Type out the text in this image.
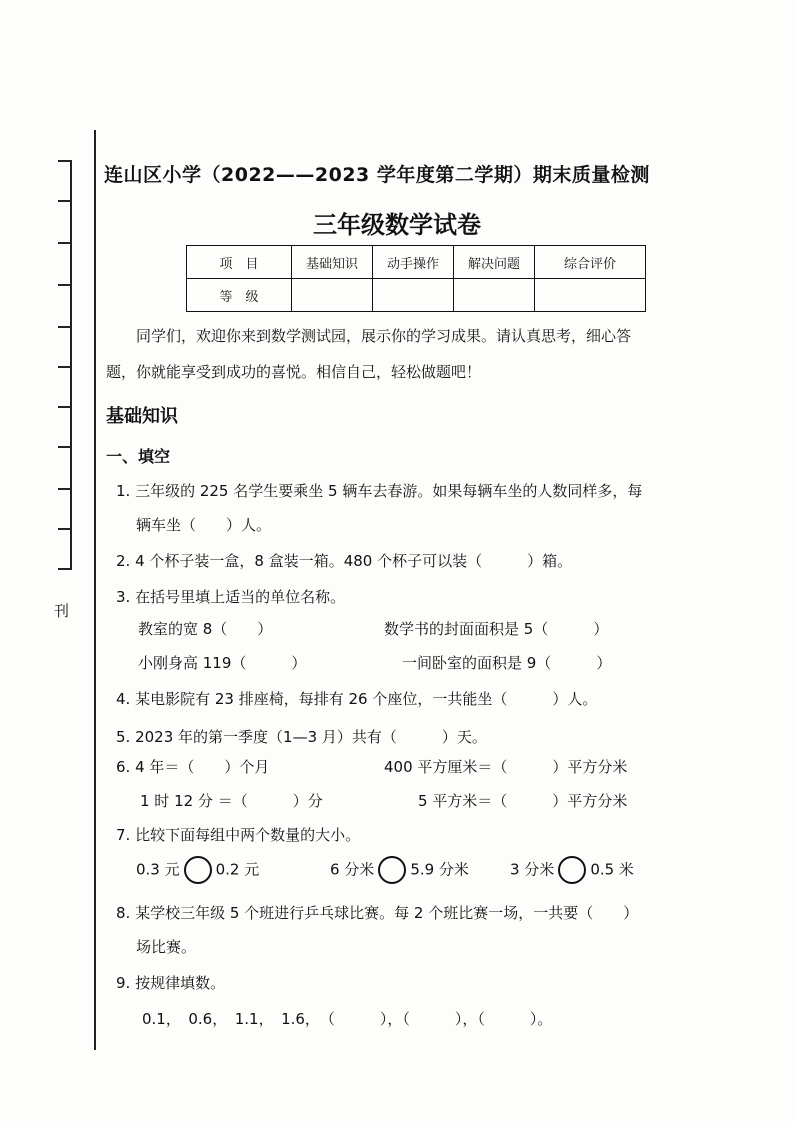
刊
连山区小学（2022——2023 学年度第二学期）期末质量检测
三年级数学试卷
项　目	基础知识	动手操作	解决问题	综合评价
等　级				

同学们，欢迎你来到数学测试园，展示你的学习成果。请认真思考，细心答

题，你就能享受到成功的喜悦。相信自己，轻松做题吧！

基础知识
一、填空
1. 三年级的 225 名学生要乘坐 5 辆车去春游。如果每辆车坐的人数同样多，每
辆车坐（　　）人。
2. 4 个杯子装一盒，8 盒装一箱。480 个杯子可以装（　　　）箱。
3. 在括号里填上适当的单位名称。
教室的宽 8（　　）	数学书的封面面积是 5（　　　）
小刚身高 119（　　　）	一间卧室的面积是 9（　　　）
4. 某电影院有 23 排座椅，每排有 26 个座位，一共能坐（　　　）人。
5. 2023 年的第一季度（1—3 月）共有（　　　）天。
6. 4 年＝（　　）个月	400 平方厘米＝（　　　）平方分米
1 时 12 分 ＝（　　　）分	5 平方米＝（　　　）平方分米
7. 比较下面每组中两个数量的大小。
0.3 元 0.2 元	6 分米 5.9 分米	3 分米 0.5 米
8. 某学校三年级 5 个班进行乒乓球比赛。每 2 个班比赛一场，一共要（　　）
场比赛。
9. 按规律填数。
0.1，　0.6，　1.1，　1.6，　（　　　），（　　　），（　　　）。
